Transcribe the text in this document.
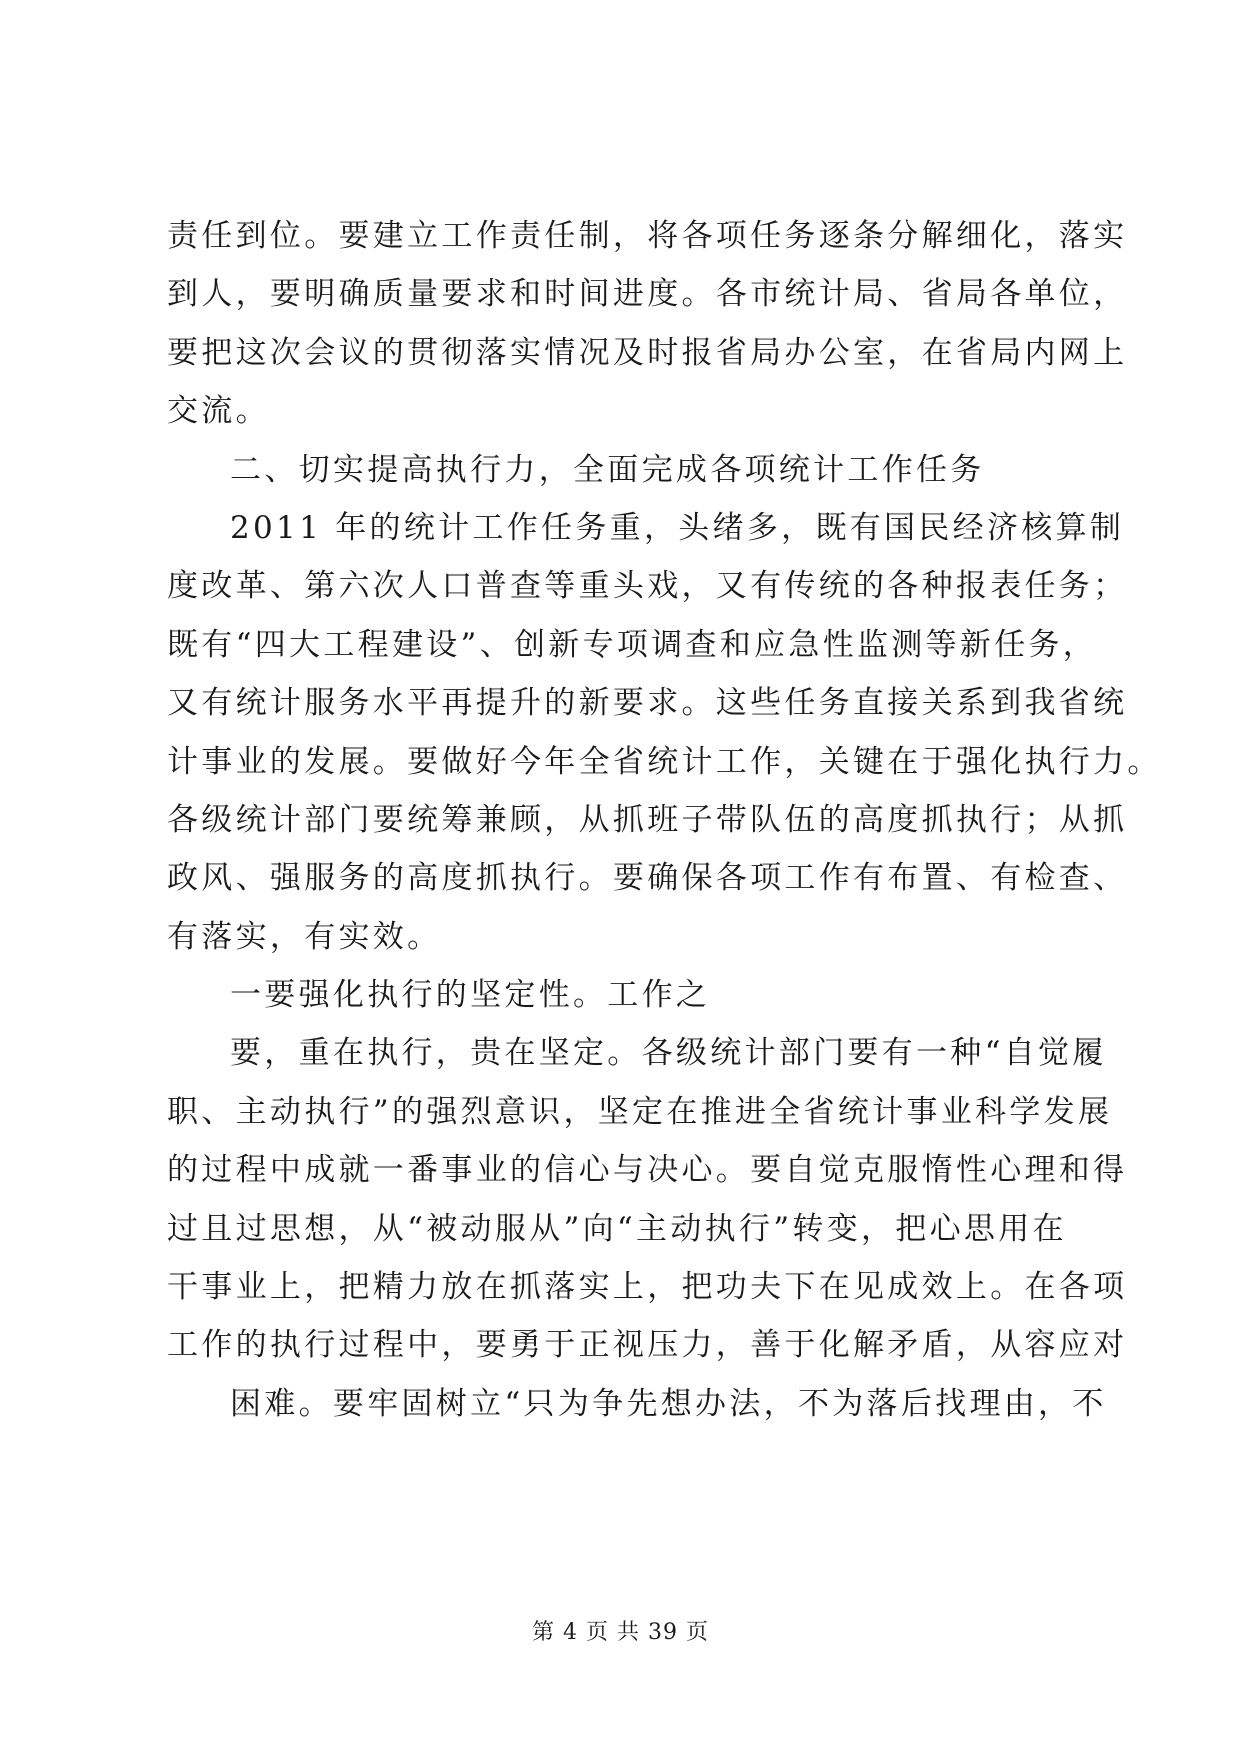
责任到位。要建立工作责任制，将各项任务逐条分解细化，落实
到人，要明确质量要求和时间进度。各市统计局、省局各单位，
要把这次会议的贯彻落实情况及时报省局办公室，在省局内网上
交流。
二、切实提高执行力，全面完成各项统计工作任务
2011 年的统计工作任务重，头绪多，既有国民经济核算制
度改革、第六次人口普查等重头戏，又有传统的各种报表任务；
既有“四大工程建设”、创新专项调查和应急性监测等新任务，
又有统计服务水平再提升的新要求。这些任务直接关系到我省统
计事业的发展。要做好今年全省统计工作，关键在于强化执行力。
各级统计部门要统筹兼顾，从抓班子带队伍的高度抓执行；从抓
政风、强服务的高度抓执行。要确保各项工作有布置、有检查、
有落实，有实效。
一要强化执行的坚定性。工作之
要，重在执行，贵在坚定。各级统计部门要有一种“自觉履
职、主动执行”的强烈意识，坚定在推进全省统计事业科学发展
的过程中成就一番事业的信心与决心。要自觉克服惰性心理和得
过且过思想，从“被动服从”向“主动执行”转变，把心思用在
干事业上，把精力放在抓落实上，把功夫下在见成效上。在各项
工作的执行过程中，要勇于正视压力，善于化解矛盾，从容应对
困难。要牢固树立“只为争先想办法，不为落后找理由，不
第 4 页 共 39 页
